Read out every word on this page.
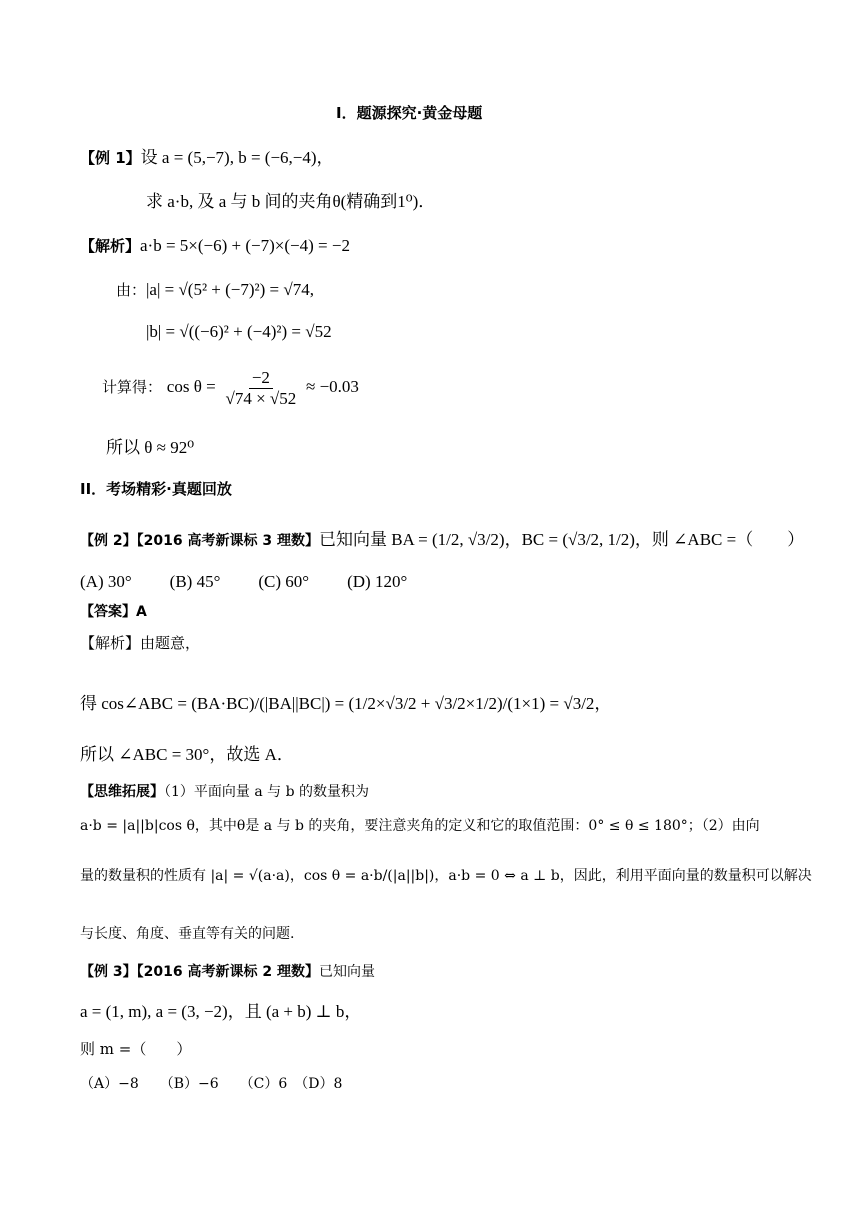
I．题源探究·黄金母题
【例 1】设 a = (5,−7), b = (−6,−4)，
求 a·b, 及 a 与 b 间的夹角θ(精确到1⁰)．
【解析】a·b = 5×(−6) + (−7)×(−4) = −2
由：|a| = √(5² + (−7)²) = √74,
|b| = √((−6)² + (−4)²) = √52
计算得： $\cos \theta = \frac{-2}{√74 \times √52} \approx -0.03$
所以 θ ≈ 92⁰
II．考场精彩·真题回放
【例 2】【2016 高考新课标 3 理数】已知向量 BA = (1/2, √3/2)，BC = (√3/2, 1/2)，则 ∠ABC =（　　）
(A) 30° (B) 45° (C) 60° (D) 120°
【答案】A
【解析】由题意，
得 cos∠ABC = (BA·BC)/(|BA||BC|) = (1/2×√3/2 + √3/2×1/2)/(1×1) = √3/2，
所以 ∠ABC = 30°，故选 A．
【思维拓展】（1）平面向量 a 与 b 的数量积为
a·b = |a||b|cos θ，其中θ是 a 与 b 的夹角，要注意夹角的定义和它的取值范围：0° ≤ θ ≤ 180°；（2）由向
量的数量积的性质有 |a| = √(a·a)，cos θ = a·b/(|a||b|)，a·b = 0 ⇔ a ⊥ b，因此，利用平面向量的数量积可以解决
与长度、角度、垂直等有关的问题.
【例 3】【2016 高考新课标 2 理数】已知向量
a = (1, m), a = (3, −2)，且 (a + b) ⊥ b，
则 m =（　　）
（A）−8　　（B）−6　　（C）6　（D）8
